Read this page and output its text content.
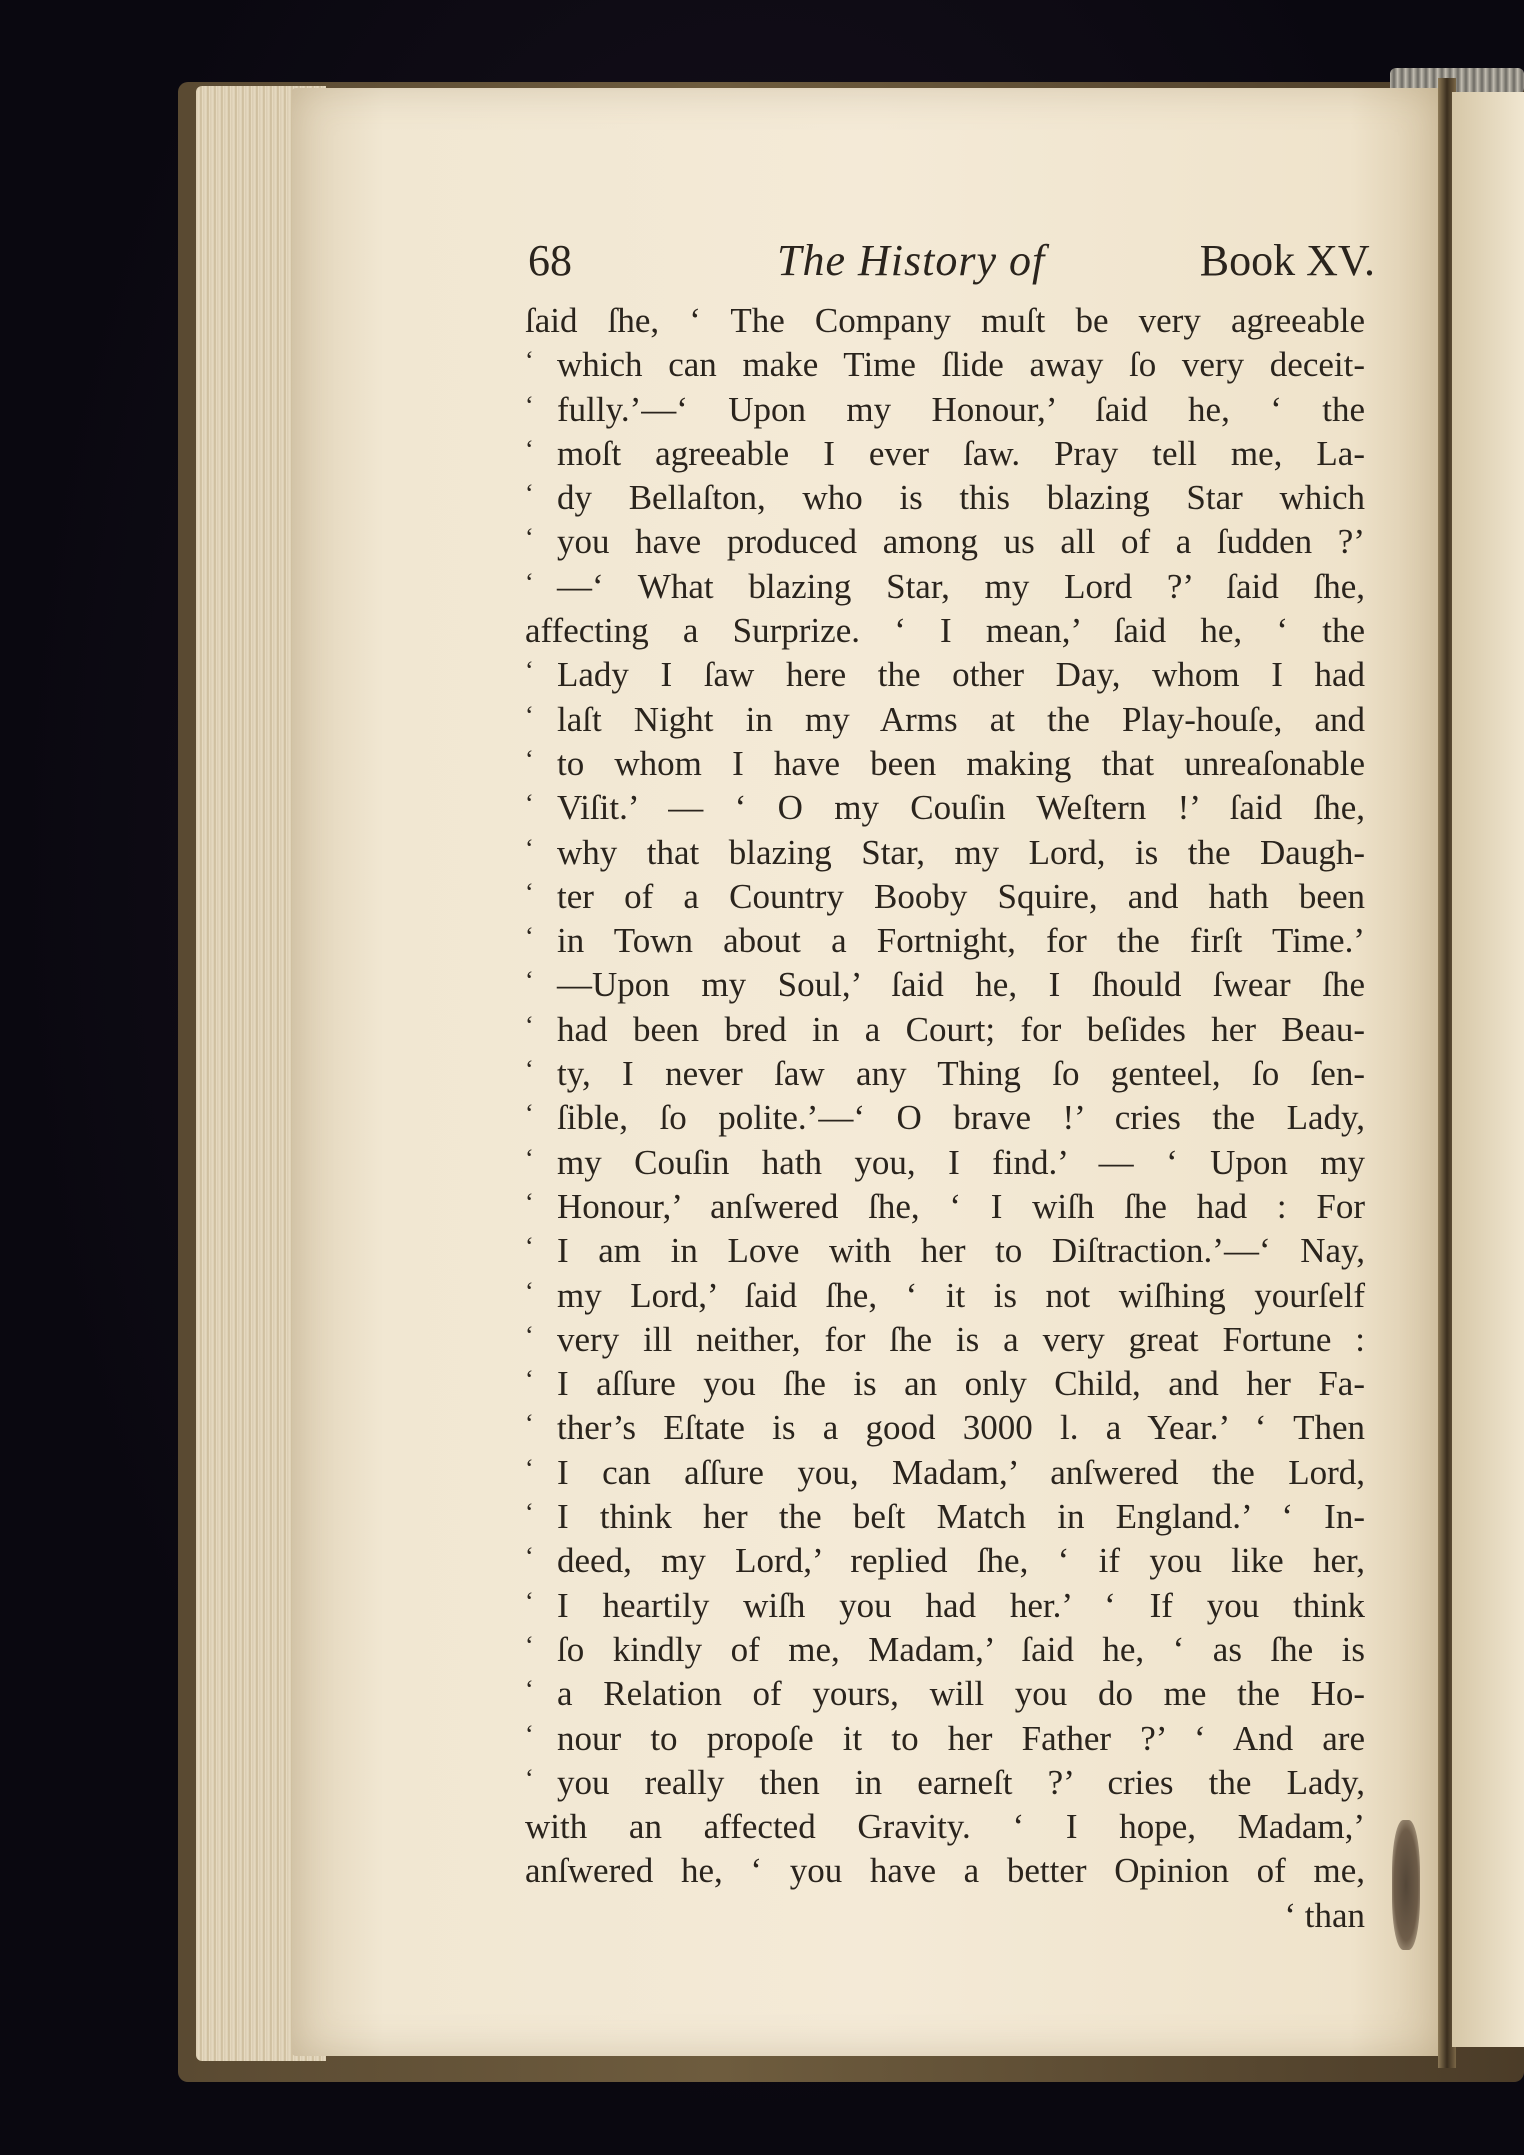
68	The History of	Book XV.
ſaid ſhe, ‘ The Company muſt be very agreeable
‘ which can make Time ſlide away ſo very deceit-
‘ fully.’—‘ Upon my Honour,’ ſaid he, ‘ the
‘ moſt agreeable I ever ſaw. Pray tell me, La-
‘ dy Bellaſton, who is this blazing Star which
‘ you have produced among us all of a ſudden ?’
‘ —‘ What blazing Star, my Lord ?’ ſaid ſhe,
affecting a Surprize. ‘ I mean,’ ſaid he, ‘ the
‘ Lady I ſaw here the other Day, whom I had
‘ laſt Night in my Arms at the Play-houſe, and
‘ to whom I have been making that unreaſonable
‘ Viſit.’ — ‘ O my Couſin Weſtern !’ ſaid ſhe,
‘ why that blazing Star, my Lord, is the Daugh-
‘ ter of a Country Booby Squire, and hath been
‘ in Town about a Fortnight, for the firſt Time.’
‘ —Upon my Soul,’ ſaid he, I ſhould ſwear ſhe
‘ had been bred in a Court; for beſides her Beau-
‘ ty, I never ſaw any Thing ſo genteel, ſo ſen-
‘ ſible, ſo polite.’—‘ O brave !’ cries the Lady,
‘ my Couſin hath you, I find.’ — ‘ Upon my
‘ Honour,’ anſwered ſhe, ‘ I wiſh ſhe had : For
‘ I am in Love with her to Diſtraction.’—‘ Nay,
‘ my Lord,’ ſaid ſhe, ‘ it is not wiſhing yourſelf
‘ very ill neither, for ſhe is a very great Fortune :
‘ I aſſure you ſhe is an only Child, and her Fa-
‘ ther’s Eſtate is a good 3000 l. a Year.’ ‘ Then
‘ I can aſſure you, Madam,’ anſwered the Lord,
‘ I think her the beſt Match in England.’ ‘ In-
‘ deed, my Lord,’ replied ſhe, ‘ if you like her,
‘ I heartily wiſh you had her.’ ‘ If you think
‘ ſo kindly of me, Madam,’ ſaid he, ‘ as ſhe is
‘ a Relation of yours, will you do me the Ho-
‘ nour to propoſe it to her Father ?’ ‘ And are
‘ you really then in earneſt ?’ cries the Lady,
with an affected Gravity. ‘ I hope, Madam,’
anſwered he, ‘ you have a better Opinion of me,
‘ than
